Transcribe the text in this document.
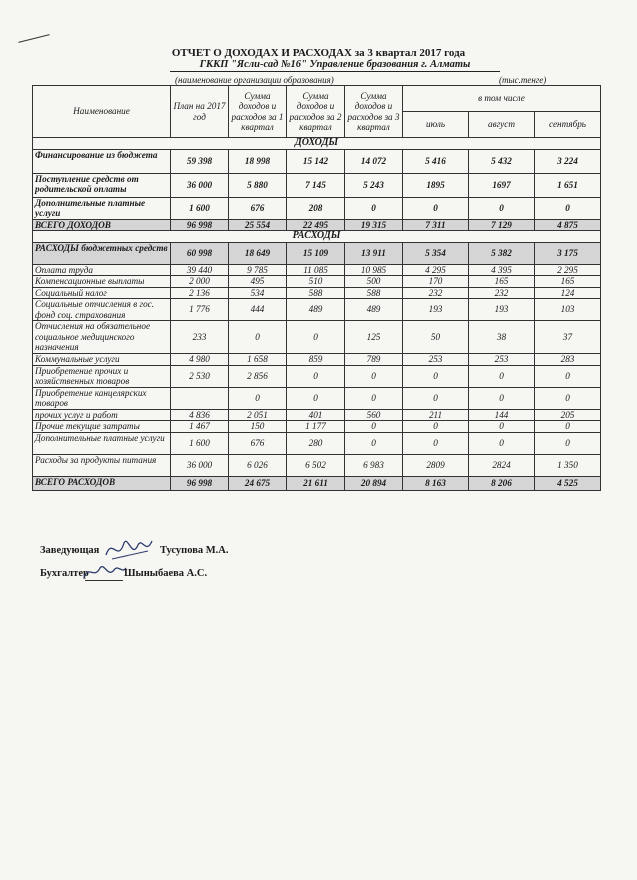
ОТЧЕТ О ДОХОДАХ И РАСХОДАХ за 3 квартал 2017 года
ГККП "Ясли-сад №16" Управление бразования г. Алматы
(наименование организации образования)	(тыс.тенге)
Наименование	План на 2017 год	Сумма доходов и расходов за 1 квартал	Сумма доходов и расходов за 2 квартал	Сумма доходов и расходов за 3 квартал	в том числе		
					июль	август	сентябрь
ДОХОДЫ							
Финансирование из бюджета	59 398	18 998	15 142	14 072	5 416	5 432	3 224
Поступление средств от родительской оплаты	36 000	5 880	7 145	5 243	1895	1697	1 651
Дополнительные платные услуги	1 600	676	208	0	0	0	0
ВСЕГО ДОХОДОВ	96 998	25 554	22 495	19 315	7 311	7 129	4 875
РАСХОДЫ							
РАСХОДЫ бюджетных средств	60 998	18 649	15 109	13 911	5 354	5 382	3 175
Оплата труда	39 440	9 785	11 085	10 985	4 295	4 395	2 295
Компенсационные выплаты	2 000	495	510	500	170	165	165
Социальный налог	2 136	534	588	588	232	232	124
Социальные отчисления в гос. фонд соц. страхования	1 776	444	489	489	193	193	103
Отчисления на обязательное социальное медицинского назначения	233	0	0	125	50	38	37
Коммунальные услуги	4 980	1 658	859	789	253	253	283
Приобретение прочих и хозяйственных товаров	2 530	2 856	0	0	0	0	0
Приобретение канцелярских товаров		0	0	0	0	0	0
прочих услуг и работ	4 836	2 051	401	560	211	144	205
Прочие текущие затраты	1 467	150	1 177	0	0	0	0
Дополнительные платные услуги	1 600	676	280	0	0	0	0
Расходы за продукты питания	36 000	6 026	6 502	6 983	2809	2824	1 350
ВСЕГО РАСХОДОВ	96 998	24 675	21 611	20 894	8 163	8 206	4 525
Заведующая	Тусупова М.А.
Бухгалтер	Шыныбаева А.С.
